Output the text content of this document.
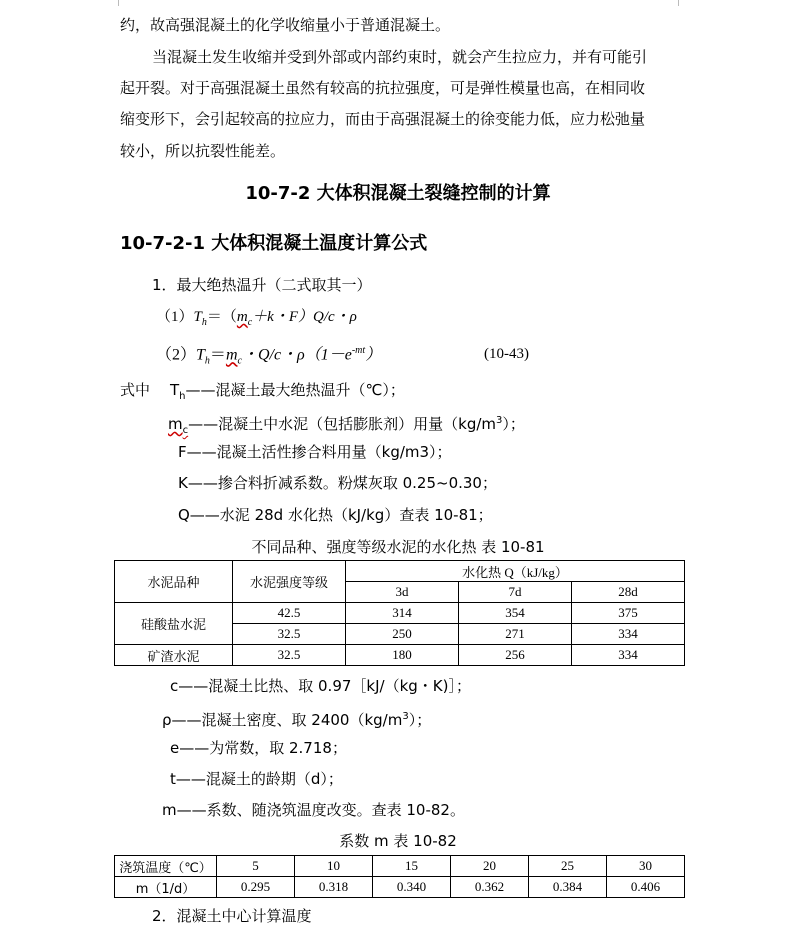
约，故高强混凝土的化学收缩量小于普通混凝土。
当混凝土发生收缩并受到外部或内部约束时，就会产生拉应力，并有可能引
起开裂。对于高强混凝土虽然有较高的抗拉强度，可是弹性模量也高，在相同收
缩变形下，会引起较高的拉应力，而由于高强混凝土的徐变能力低，应力松弛量
较小，所以抗裂性能差。
10-7-2 大体积混凝土裂缝控制的计算
10-7-2-1 大体积混凝土温度计算公式
1．最大绝热温升（二式取其一）
$(1)T_h=(m_c+k$・F）Q/c・ρ
$(2)T_h=m_c$・Q/c・$\rho(1-e^{-mt})$	(10-43)
式中 $T_h——$混凝土最大绝热温升（℃）；
$m_c——$混凝土中水泥（包括膨胀剂）用量$(kg/m^3)$；
F——混凝土活性掺合料用量（kg/m3）；
K——掺合料折减系数。粉煤灰取 0.25~0.30；
Q——水泥 28d 水化热（kJ/kg）查表 10-81；
不同品种、强度等级水泥的水化热 表 10-81
水泥品种	水泥强度等级	水化热 Q（kJ/kg）		
		3d	7d	28d
硅酸盐水泥	42.5	314	354	375
	32.5	250	271	334
矿渣水泥	32.5	180	256	334
c——混凝土比热、取 0.97［kJ/（kg・K)］；
ρ——混凝土密度、取 $2400(kg/m^3)$；
e——为常数，取 2.718；
t——混凝土的龄期（d）；
m——系数、随浇筑温度改变。查表 10-82。
系数 m 表 10-82
浇筑温度（℃）	5	10	15	20	25	30
m（1/d）	0.295	0.318	0.340	0.362	0.384	0.406
2．混凝土中心计算温度
